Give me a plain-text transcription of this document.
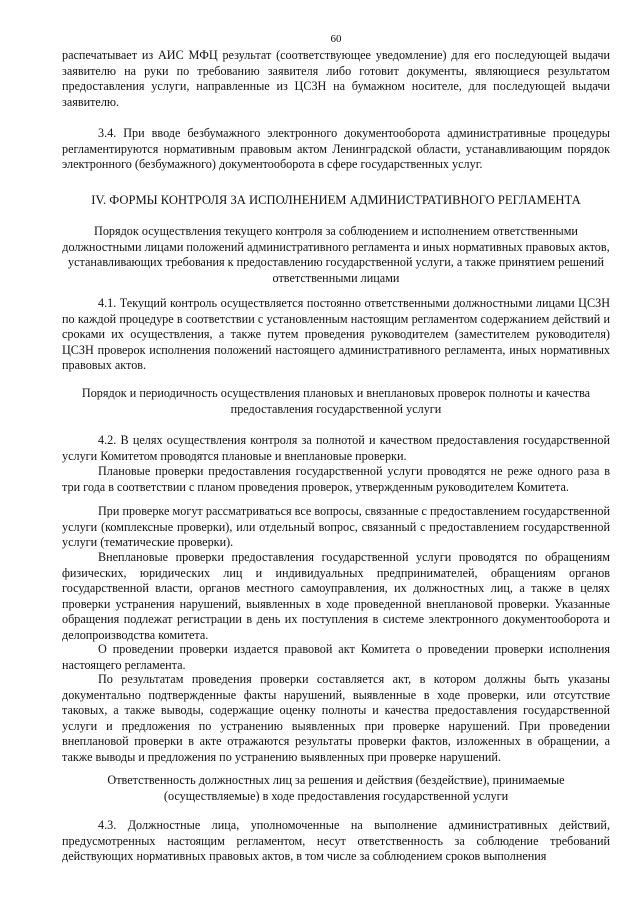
60
распечатывает из АИС МФЦ результат (соответствующее уведомление) для его последующей выдачи заявителю на руки по требованию заявителя либо готовит документы, являющиеся результатом предоставления услуги, направленные из ЦСЗН на бумажном носителе, для последующей выдачи заявителю.
3.4. При вводе безбумажного электронного документооборота административные процедуры регламентируются нормативным правовым актом Ленинградской области, устанавливающим порядок электронного (безбумажного) документооборота в сфере государственных услуг.
IV. ФОРМЫ КОНТРОЛЯ ЗА ИСПОЛНЕНИЕМ АДМИНИСТРАТИВНОГО РЕГЛАМЕНТА
Порядок осуществления текущего контроля за соблюдением и исполнением ответственными должностными лицами положений административного регламента и иных нормативных правовых актов, устанавливающих требования к предоставлению государственной услуги, а также принятием решений ответственными лицами
4.1. Текущий контроль осуществляется постоянно ответственными должностными лицами ЦСЗН по каждой процедуре в соответствии с установленным настоящим регламентом содержанием действий и сроками их осуществления, а также путем проведения руководителем (заместителем руководителя) ЦСЗН проверок исполнения положений настоящего административного регламента, иных нормативных правовых актов.
Порядок и периодичность осуществления плановых и внеплановых проверок полноты и качества предоставления государственной услуги
4.2. В целях осуществления контроля за полнотой и качеством предоставления государственной услуги Комитетом проводятся плановые и внеплановые проверки.
Плановые проверки предоставления государственной услуги проводятся не реже одного раза в три года в соответствии с планом проведения проверок, утвержденным руководителем Комитета.
При проверке могут рассматриваться все вопросы, связанные с предоставлением государственной услуги (комплексные проверки), или отдельный вопрос, связанный с предоставлением государственной услуги (тематические проверки).
Внеплановые проверки предоставления государственной услуги проводятся по обращениям физических, юридических лиц и индивидуальных предпринимателей, обращениям органов государственной власти, органов местного самоуправления, их должностных лиц, а также в целях проверки устранения нарушений, выявленных в ходе проведенной внеплановой проверки. Указанные обращения подлежат регистрации в день их поступления в системе электронного документооборота и делопроизводства комитета.
О проведении проверки издается правовой акт Комитета о проведении проверки исполнения настоящего регламента.
По результатам проведения проверки составляется акт, в котором должны быть указаны документально подтвержденные факты нарушений, выявленные в ходе проверки, или отсутствие таковых, а также выводы, содержащие оценку полноты и качества предоставления государственной услуги и предложения по устранению выявленных при проверке нарушений. При проведении внеплановой проверки в акте отражаются результаты проверки фактов, изложенных в обращении, а также выводы и предложения по устранению выявленных при проверке нарушений.
Ответственность должностных лиц за решения и действия (бездействие), принимаемые (осуществляемые) в ходе предоставления государственной услуги
4.3. Должностные лица, уполномоченные на выполнение административных действий, предусмотренных настоящим регламентом, несут ответственность за соблюдение требований действующих нормативных правовых актов, в том числе за соблюдением сроков выполнения
